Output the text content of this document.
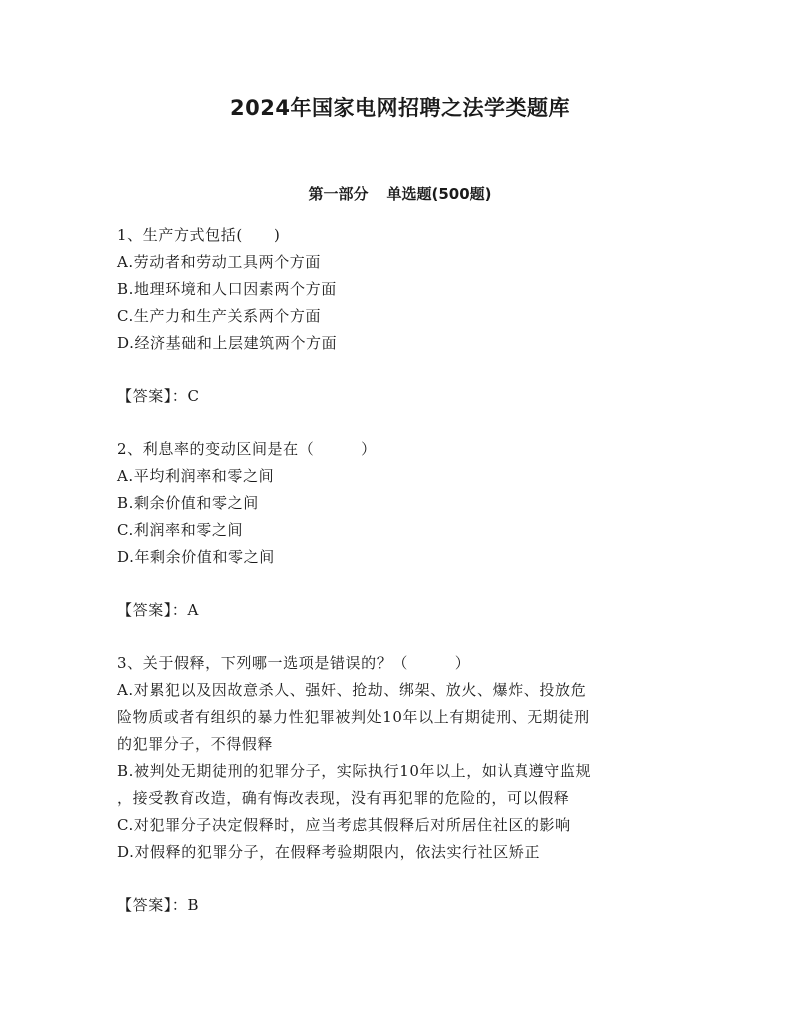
2024年国家电网招聘之法学类题库
第一部分 单选题(500题)
1、生产方式包括(　　)
A.劳动者和劳动工具两个方面
B.地理环境和人口因素两个方面
C.生产力和生产关系两个方面
D.经济基础和上层建筑两个方面
【答案】：C
2、利息率的变动区间是在（　　　）
A.平均利润率和零之间
B.剩余价值和零之间
C.利润率和零之间
D.年剩余价值和零之间
【答案】：A
3、关于假释，下列哪一选项是错误的？（　　　）
A.对累犯以及因故意杀人、强奸、抢劫、绑架、放火、爆炸、投放危
险物质或者有组织的暴力性犯罪被判处10年以上有期徒刑、无期徒刑
的犯罪分子，不得假释
B.被判处无期徒刑的犯罪分子，实际执行10年以上，如认真遵守监规
，接受教育改造，确有悔改表现，没有再犯罪的危险的，可以假释
C.对犯罪分子决定假释时，应当考虑其假释后对所居住社区的影响
D.对假释的犯罪分子，在假释考验期限内，依法实行社区矫正
【答案】：B
